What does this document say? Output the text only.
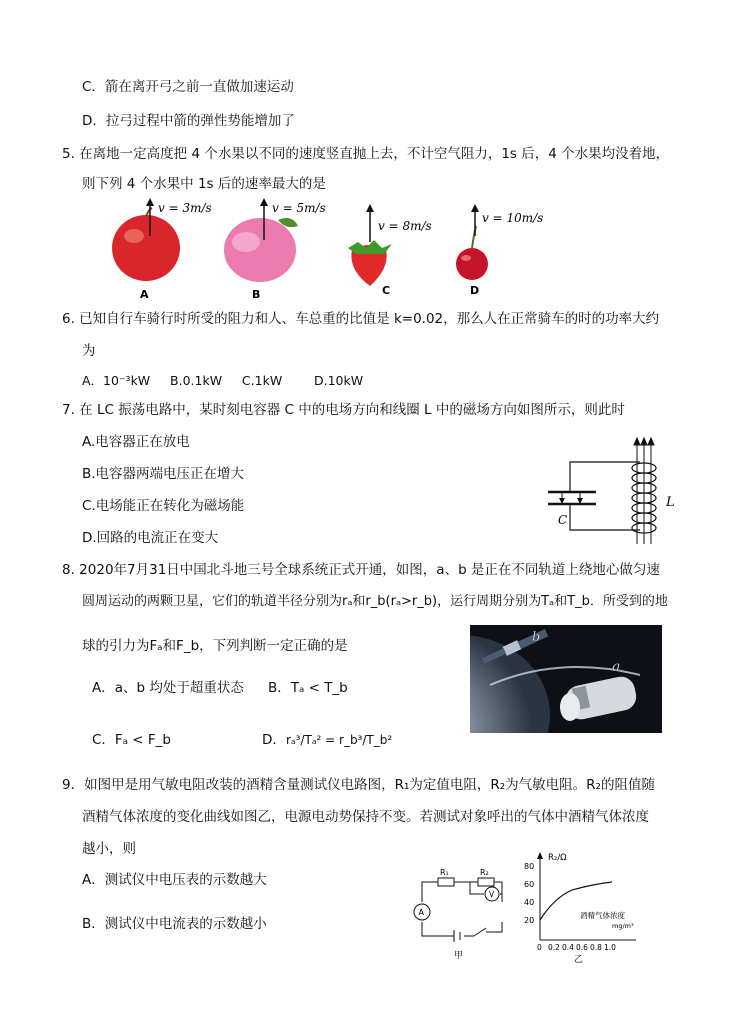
C．箭在离开弓之前一直做加速运动
D．拉弓过程中箭的弹性势能增加了
5. 在离地一定高度把 4 个水果以不同的速度竖直抛上去，不计空气阻力，1s 后，4 个水果均没着地，
则下列 4 个水果中 1s 后的速率最大的是
v = 3m/s
A
v = 5m/s
B
v = 8m/s
C
v = 10m/s
D
6. 已知自行车骑行时所受的阻力和人、车总重的比值是 k=0.02，那么人在正常骑车的时的功率大约
为
A．10⁻³kW     B.0.1kW     C.1kW        D.10kW
7. 在 LC 振荡电路中，某时刻电容器 C 中的电场方向和线圈 L 中的磁场方向如图所示，则此时
A.电容器正在放电
B.电容器两端电压正在增大
C.电场能正在转化为磁场能
D.回路的电流正在变大
C
L
8. 2020年7月31日中国北斗地三号全球系统正式开通，如图，a、b 是正在不同轨道上绕地心做匀速
圆周运动的两颗卫星，它们的轨道半径分别为rₐ和r_b(rₐ>r_b)，运行周期分别为Tₐ和T_b．所受到的地
球的引力为Fₐ和F_b，下列判断一定正确的是
A．a、b 均处于超重状态 B．Tₐ < T_b
C．Fₐ < F_b	D． rₐ³/Tₐ² = r_b³/T_b²
b
a
9．如图甲是用气敏电阻改装的酒精含量测试仪电路图，R₁为定值电阻，R₂为气敏电阻。R₂的阻值随
酒精气体浓度的变化曲线如图乙，电源电动势保持不变。若测试对象呼出的气体中酒精气体浓度
越小，则
A．测试仪中电压表的示数越大
B．测试仪中电流表的示数越小
R₁	R₂
A
V
甲
R₂/Ω
20
40
60
80
酒精气体浓度
mg/m³
0 0.2 0.4 0.6 0.8 1.0
乙
